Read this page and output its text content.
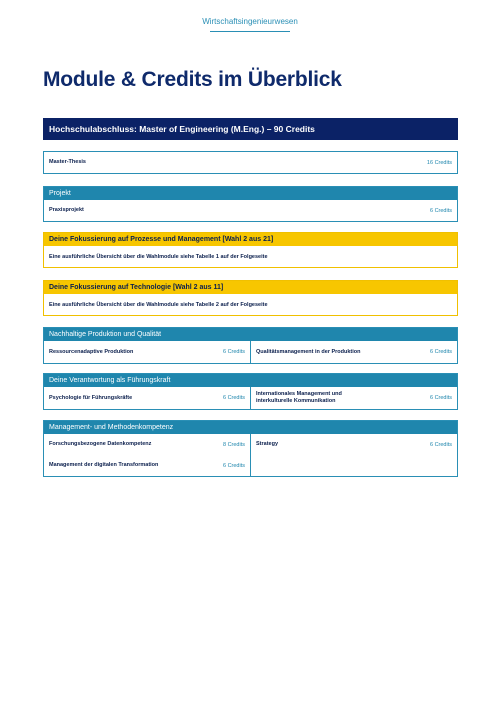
Wirtschaftsingenieurwesen
Module & Credits im Überblick
Hochschulabschluss: Master of Engineering (M.Eng.) – 90 Credits
Master-Thesis	16 Credits
Projekt
Praxisprojekt	6 Credits
Deine Fokussierung auf Prozesse und Management [Wahl 2 aus 21]
Eine ausführliche Übersicht über die Wahlmodule siehe Tabelle 1 auf der Folgeseite
Deine Fokussierung auf Technologie [Wahl 2 aus 11]
Eine ausführliche Übersicht über die Wahlmodule siehe Tabelle 2 auf der Folgeseite
Nachhaltige Produktion und Qualität
Ressourcenadaptive Produktion	6 Credits Qualitätsmanagement in der Produktion	6 Credits
Deine Verantwortung als Führungskraft
Psychologie für Führungskräfte	6 Credits
Internationales Management und interkulturelle Kommunikation	6 Credits
Management- und Methodenkompetenz
Forschungsbezogene Datenkompetenz	8 Credits
Management der digitalen Transformation	6 Credits
Strategy	6 Credits
